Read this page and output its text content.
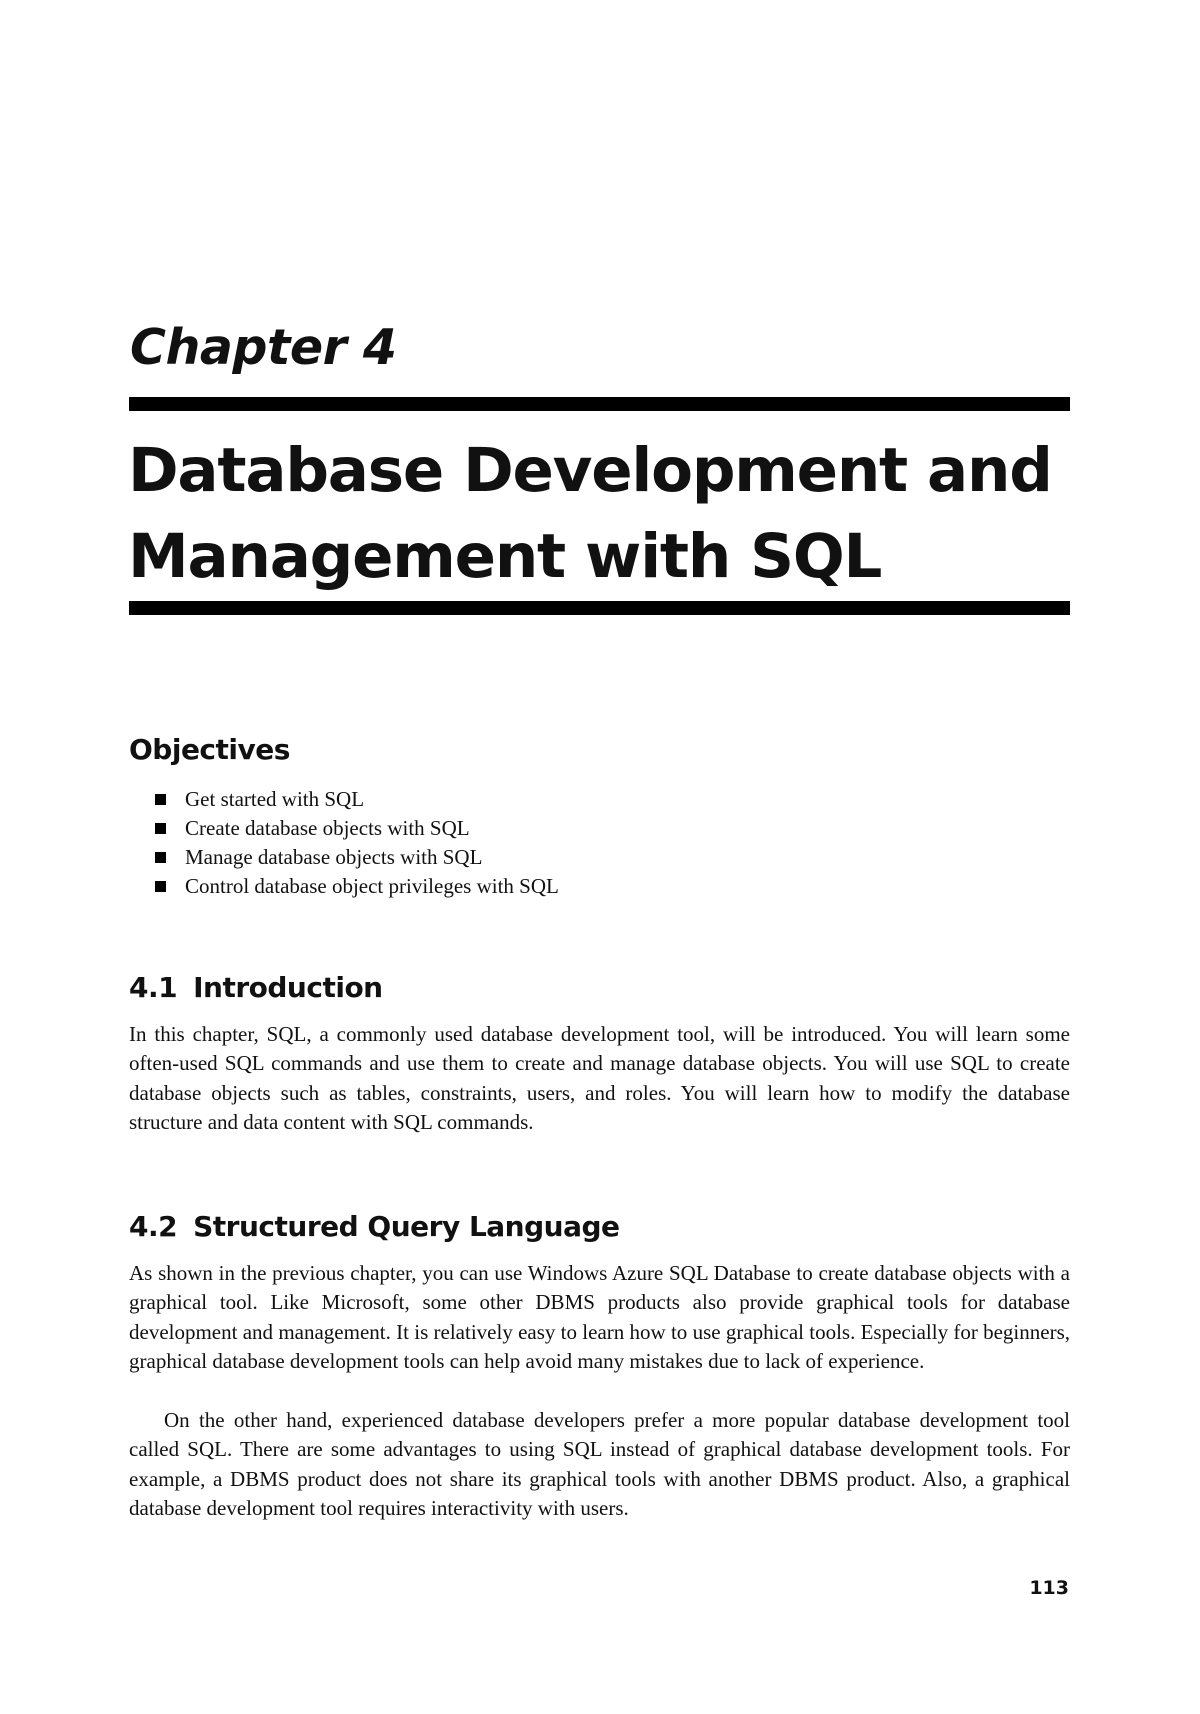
Chapter 4
Database Development and Management with SQL
Objectives
Get started with SQL
Create database objects with SQL
Manage database objects with SQL
Control database object privileges with SQL
4.1 Introduction

In this chapter, SQL, a commonly used database development tool, will be introduced. You will learn some often-used SQL commands and use them to create and manage database objects. You will use SQL to create database objects such as tables, constraints, users, and roles. You will learn how to modify the database structure and data content with SQL commands.

4.2 Structured Query Language

As shown in the previous chapter, you can use Windows Azure SQL Database to create database objects with a graphical tool. Like Microsoft, some other DBMS products also provide graphical tools for database development and management. It is relatively easy to learn how to use graphical tools. Especially for beginners, graphical database development tools can help avoid many mistakes due to lack of experience.

On the other hand, experienced database developers prefer a more popular database development tool called SQL. There are some advantages to using SQL instead of graphical database development tools. For example, a DBMS product does not share its graphical tools with another DBMS product. Also, a graphical database development tool requires interactivity with users.

113
